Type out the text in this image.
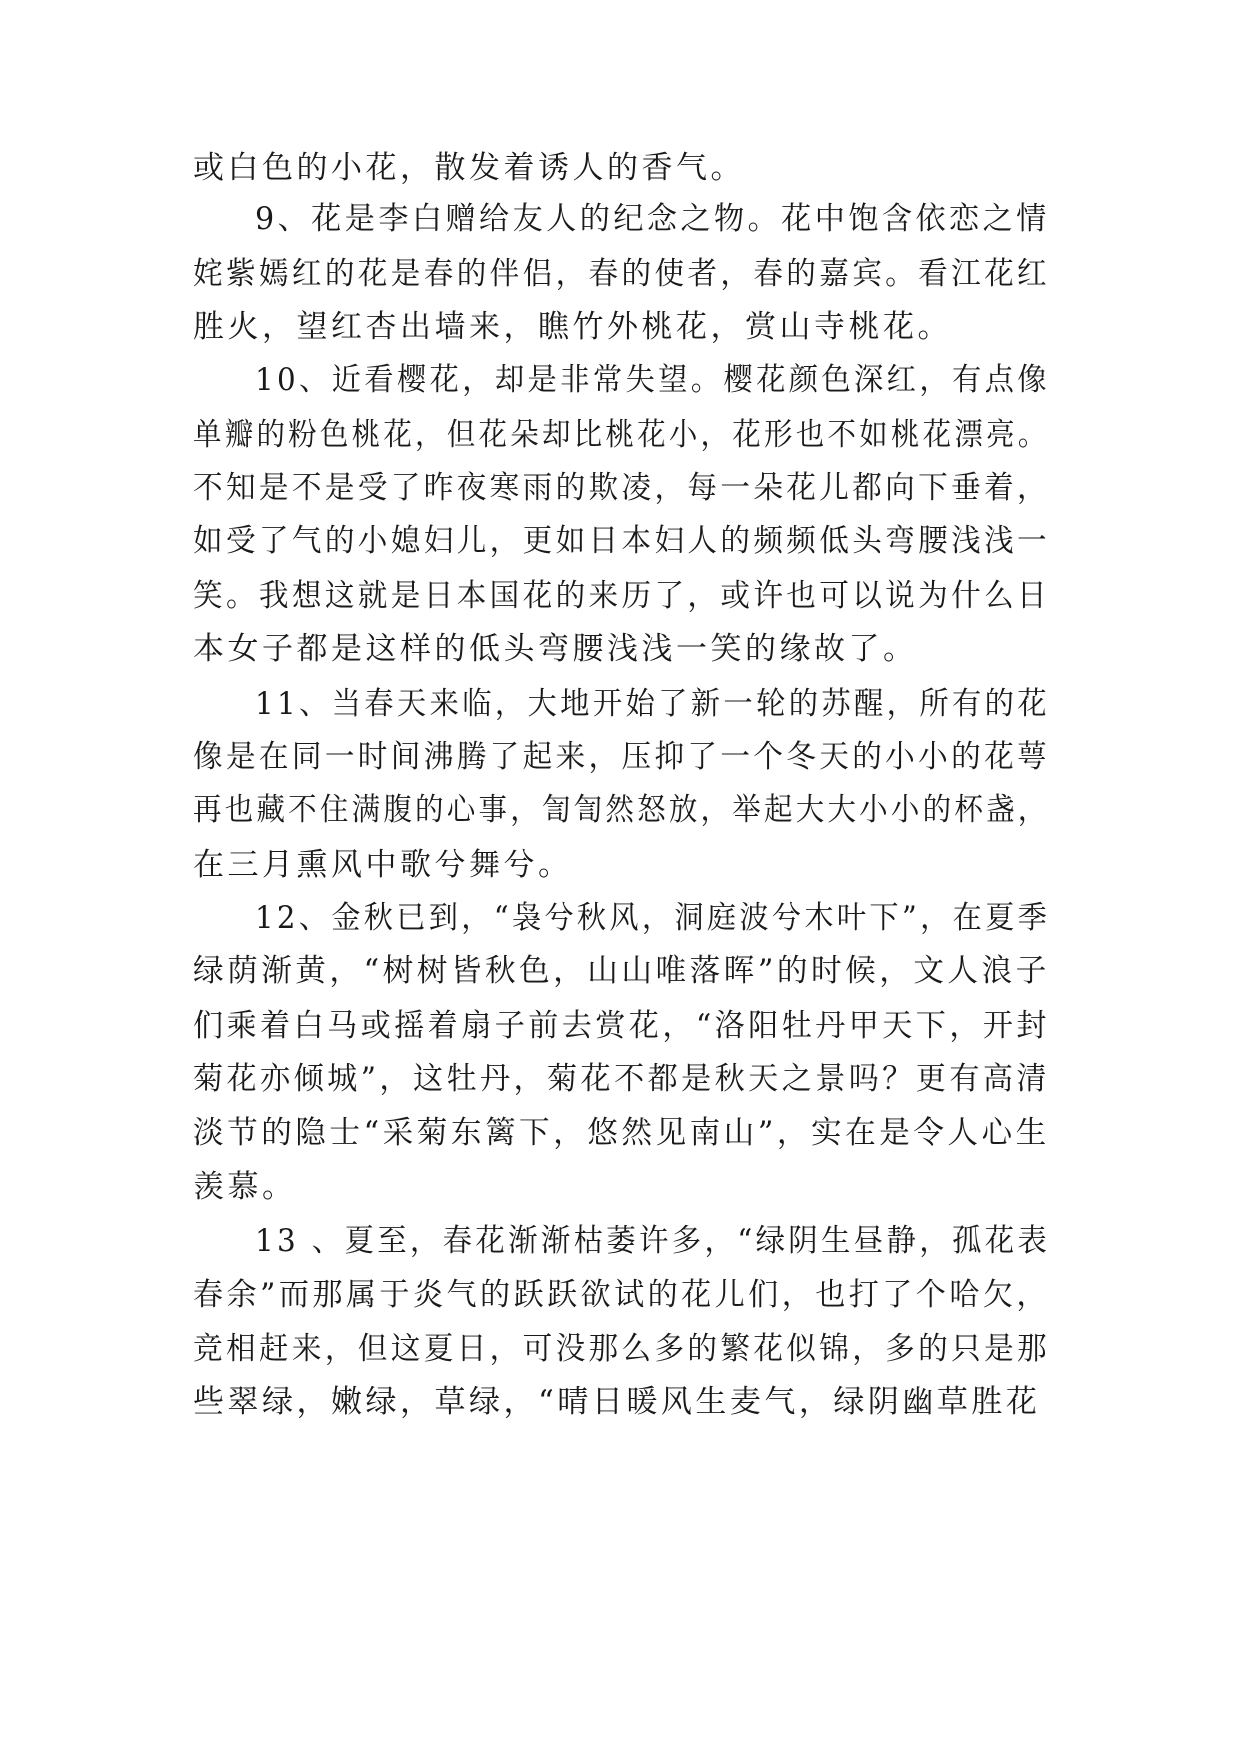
或白色的小花，散发着诱人的香气。
9、花是李白赠给友人的纪念之物。花中饱含依恋之情
姹紫嫣红的花是春的伴侣，春的使者，春的嘉宾。看江花红
胜火，望红杏出墙来，瞧竹外桃花，赏山寺桃花。
10、近看樱花，却是非常失望。樱花颜色深红，有点像
单瓣的粉色桃花，但花朵却比桃花小，花形也不如桃花漂亮。
不知是不是受了昨夜寒雨的欺凌，每一朵花儿都向下垂着，
如受了气的小媳妇儿，更如日本妇人的频频低头弯腰浅浅一
笑。我想这就是日本国花的来历了，或许也可以说为什么日
本女子都是这样的低头弯腰浅浅一笑的缘故了。
11、当春天来临，大地开始了新一轮的苏醒，所有的花
像是在同一时间沸腾了起来，压抑了一个冬天的小小的花萼
再也藏不住满腹的心事，訇訇然怒放，举起大大小小的杯盏，
在三月熏风中歌兮舞兮。
12、金秋已到，“袅兮秋风，洞庭波兮木叶下”，在夏季
绿荫渐黄，“树树皆秋色，山山唯落晖”的时候，文人浪子
们乘着白马或摇着扇子前去赏花，“洛阳牡丹甲天下，开封
菊花亦倾城”，这牡丹，菊花不都是秋天之景吗？更有高清
淡节的隐士“采菊东篱下，悠然见南山”，实在是令人心生
羡慕。
13 、夏至，春花渐渐枯萎许多，“绿阴生昼静，孤花表
春余”而那属于炎气的跃跃欲试的花儿们，也打了个哈欠，
竞相赶来，但这夏日，可没那么多的繁花似锦，多的只是那
些翠绿，嫩绿，草绿，“晴日暖风生麦气，绿阴幽草胜花
